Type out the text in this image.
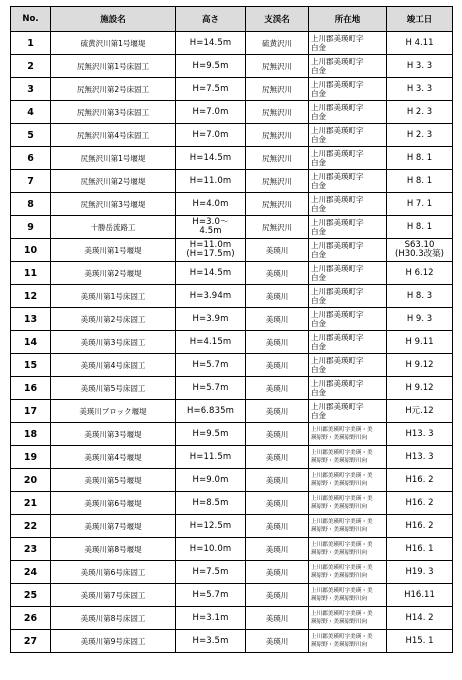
No.	施設名	高さ	支渓名	所在地	竣工日
1	硫黄沢川第1号堰堤	H=14.5m	硫黄沢川	上川郡美瑛町字
白金	H 4.11

2	尻無沢川第1号床固工	H=9.5m	尻無沢川	上川郡美瑛町字
白金	H 3. 3

3	尻無沢川第2号床固工	H=7.5m	尻無沢川	上川郡美瑛町字
白金	H 3. 3

4	尻無沢川第3号床固工	H=7.0m	尻無沢川	上川郡美瑛町字
白金	H 2. 3

5	尻無沢川第4号床固工	H=7.0m	尻無沢川	上川郡美瑛町字
白金	H 2. 3

6	尻無沢川第1号堰堤	H=14.5m	尻無沢川	上川郡美瑛町字
白金	H 8. 1

7	尻無沢川第2号堰堤	H=11.0m	尻無沢川	上川郡美瑛町字
白金	H 8. 1

8	尻無沢川第3号堰堤	H=4.0m	尻無沢川	上川郡美瑛町字
白金	H 7. 1

9	十勝岳流路工	H=3.0～
4.5m	尻無沢川	上川郡美瑛町字
白金	H 8. 1

10	美瑛川第1号堰堤	H=11.0m
(H=17.5m)	美瑛川	上川郡美瑛町字
白金	S63.10
(H30.3改築)

11	美瑛川第2号堰堤	H=14.5m	美瑛川	上川郡美瑛町字
白金	H 6.12

12	美瑛川第1号床固工	H=3.94m	美瑛川	上川郡美瑛町字
白金	H 8. 3

13	美瑛川第2号床固工	H=3.9m	美瑛川	上川郡美瑛町字
白金	H 9. 3

14	美瑛川第3号床固工	H=4.15m	美瑛川	上川郡美瑛町字
白金	H 9.11

15	美瑛川第4号床固工	H=5.7m	美瑛川	上川郡美瑛町字
白金	H 9.12

16	美瑛川第5号床固工	H=5.7m	美瑛川	上川郡美瑛町字
白金	H 9.12

17	美瑛川ブロック堰堤	H=6.835m	美瑛川	上川郡美瑛町字
白金	H元.12

18	美瑛川第3号堰堤	H=9.5m	美瑛川	上川郡美瑛町字美瑛・美
瑛原野・美瑛原野川向	H13. 3

19	美瑛川第4号堰堤	H=11.5m	美瑛川	上川郡美瑛町字美瑛・美
瑛原野・美瑛原野川向	H13. 3

20	美瑛川第5号堰堤	H=9.0m	美瑛川	上川郡美瑛町字美瑛・美
瑛原野・美瑛原野川向	H16. 2

21	美瑛川第6号堰堤	H=8.5m	美瑛川	上川郡美瑛町字美瑛・美
瑛原野・美瑛原野川向	H16. 2

22	美瑛川第7号堰堤	H=12.5m	美瑛川	上川郡美瑛町字美瑛・美
瑛原野・美瑛原野川向	H16. 2

23	美瑛川第8号堰堤	H=10.0m	美瑛川	上川郡美瑛町字美瑛・美
瑛原野・美瑛原野川向	H16. 1

24	美瑛川第6号床固工	H=7.5m	美瑛川	上川郡美瑛町字美瑛・美
瑛原野・美瑛原野川向	H19. 3

25	美瑛川第7号床固工	H=5.7m	美瑛川	上川郡美瑛町字美瑛・美
瑛原野・美瑛原野川向	H16.11

26	美瑛川第8号床固工	H=3.1m	美瑛川	上川郡美瑛町字美瑛・美
瑛原野・美瑛原野川向	H14. 2

27	美瑛川第9号床固工	H=3.5m	美瑛川	上川郡美瑛町字美瑛・美
瑛原野・美瑛原野川向	H15. 1
